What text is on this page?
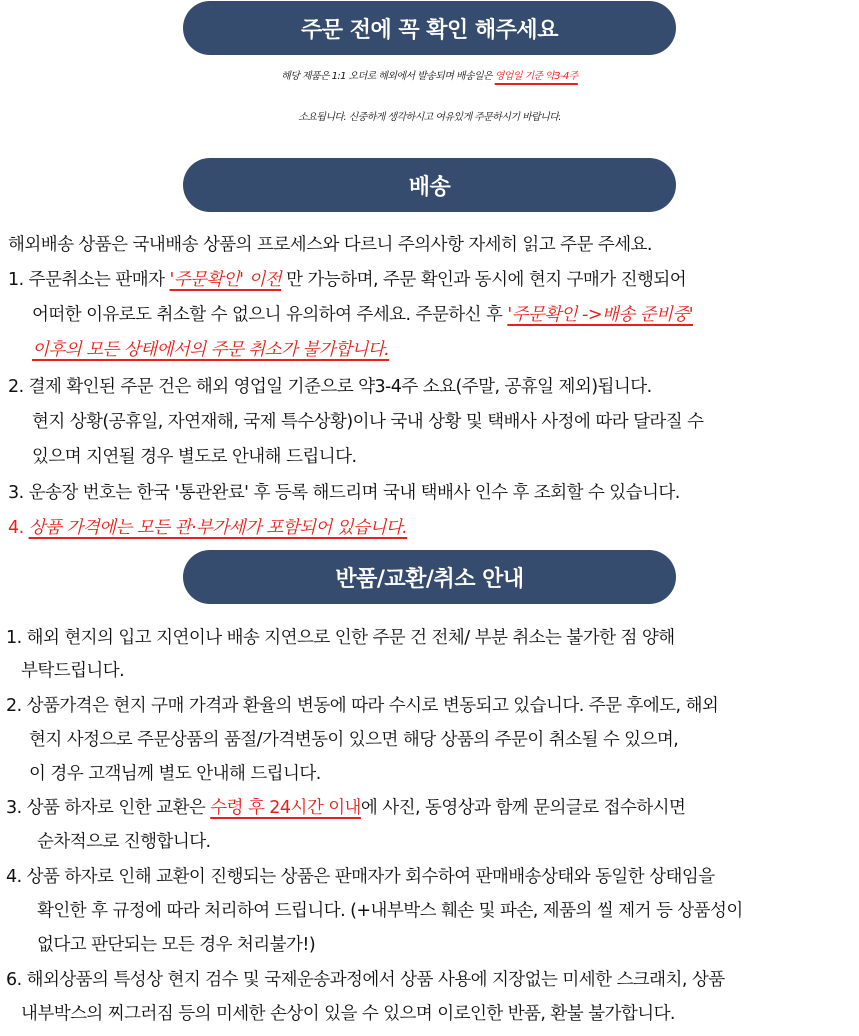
주문 전에 꼭 확인 해주세요
해당 제품은 1:1 오더로 해외에서 발송되며 배송일은 영업일 기준 약3-4주
소요됩니다. 신중하게 생각하시고 여유있게 주문하시기 바랍니다.
배송
해외배송 상품은 국내배송 상품의 프로세스와 다르니 주의사항 자세히 읽고 주문 주세요.
1. 주문취소는 판매자 '주문확인' 이전 만 가능하며, 주문 확인과 동시에 현지 구매가 진행되어
어떠한 이유로도 취소할 수 없으니 유의하여 주세요. 주문하신 후 '주문확인 ->배송 준비중'
이후의 모든 상태에서의 주문 취소가 불가합니다.
2. 결제 확인된 주문 건은 해외 영업일 기준으로 약3-4주 소요(주말, 공휴일 제외)됩니다.
현지 상황(공휴일, 자연재해, 국제 특수상황)이나 국내 상황 및 택배사 사정에 따라 달라질 수
있으며 지연될 경우 별도로 안내해 드립니다.
3. 운송장 번호는 한국 '통관완료' 후 등록 해드리며 국내 택배사 인수 후 조회할 수 있습니다.
4. 상품 가격에는 모든 관·부가세가 포함되어 있습니다.
반품/교환/취소 안내
1. 해외 현지의 입고 지연이나 배송 지연으로 인한 주문 건 전체/ 부분 취소는 불가한 점 양해
부탁드립니다.
2. 상품가격은 현지 구매 가격과 환율의 변동에 따라 수시로 변동되고 있습니다. 주문 후에도, 해외
현지 사정으로 주문상품의 품절/가격변동이 있으면 해당 상품의 주문이 취소될 수 있으며,
이 경우 고객님께 별도 안내해 드립니다.
3. 상품 하자로 인한 교환은 수령 후 24시간 이내에 사진, 동영상과 함께 문의글로 접수하시면
순차적으로 진행합니다.
4. 상품 하자로 인해 교환이 진행되는 상품은 판매자가 회수하여 판매배송상태와 동일한 상태임을
확인한 후 규정에 따라 처리하여 드립니다. (+내부박스 훼손 및 파손, 제품의 씰 제거 등 상품성이
없다고 판단되는 모든 경우 처리불가!)
6. 해외상품의 특성상 현지 검수 및 국제운송과정에서 상품 사용에 지장없는 미세한 스크래치, 상품
내부박스의 찌그러짐 등의 미세한 손상이 있을 수 있으며 이로인한 반품, 환불 불가합니다.
